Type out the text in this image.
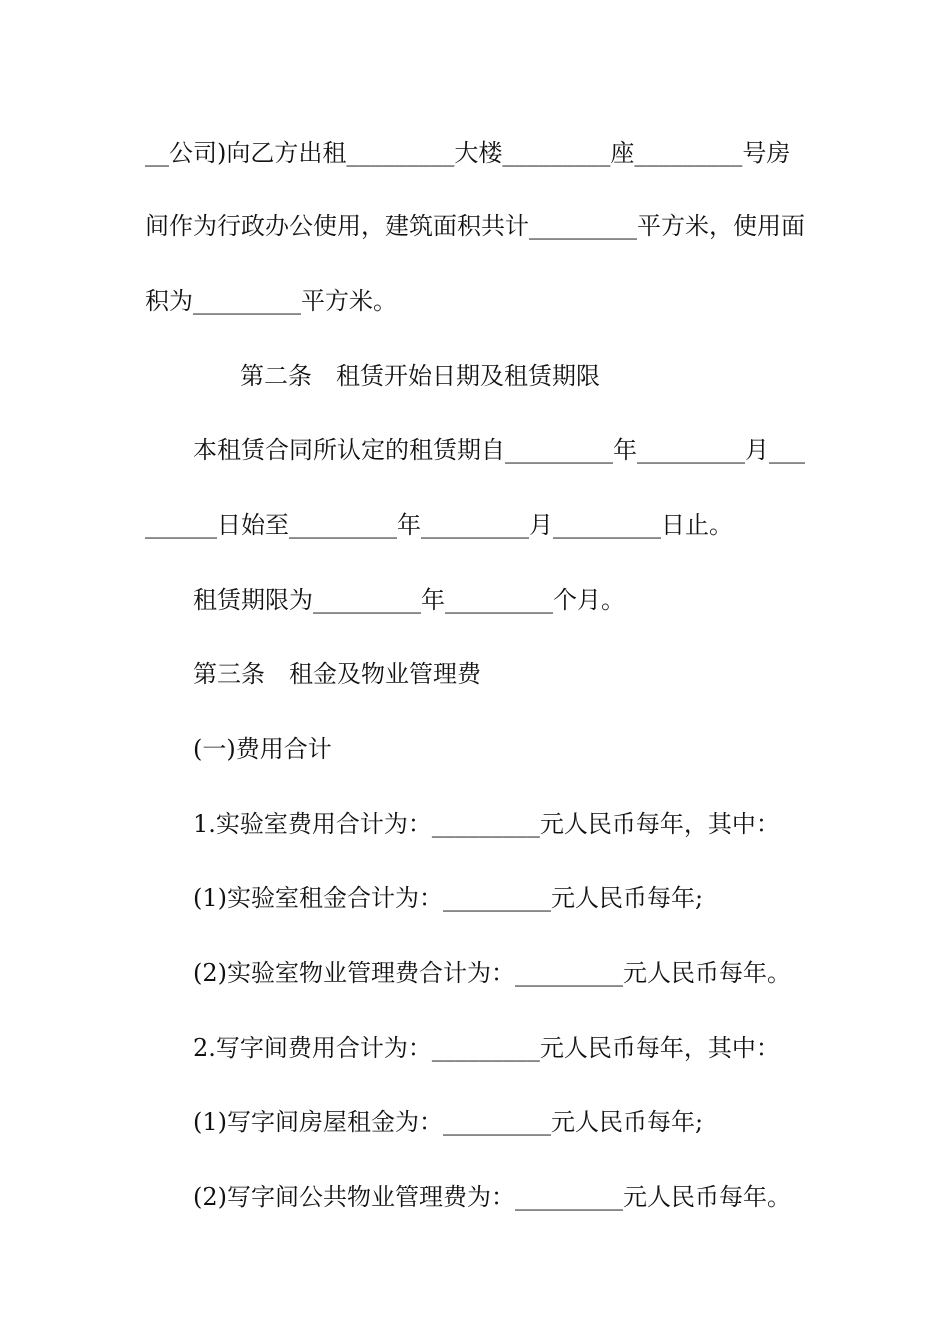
__公司)向乙方出租_________大楼_________座_________号房
间作为行政办公使用，建筑面积共计_________平方米，使用面
积为_________平方米。
第二条　租赁开始日期及租赁期限
本租赁合同所认定的租赁期自_________年_________月___
______日始至_________年_________月_________日止。
租赁期限为_________年_________个月。
第三条　租金及物业管理费
(一)费用合计
1.实验室费用合计为：_________元人民币每年，其中：
(1)实验室租金合计为：_________元人民币每年;
(2)实验室物业管理费合计为：_________元人民币每年。
2.写字间费用合计为：_________元人民币每年，其中：
(1)写字间房屋租金为：_________元人民币每年;
(2)写字间公共物业管理费为：_________元人民币每年。
